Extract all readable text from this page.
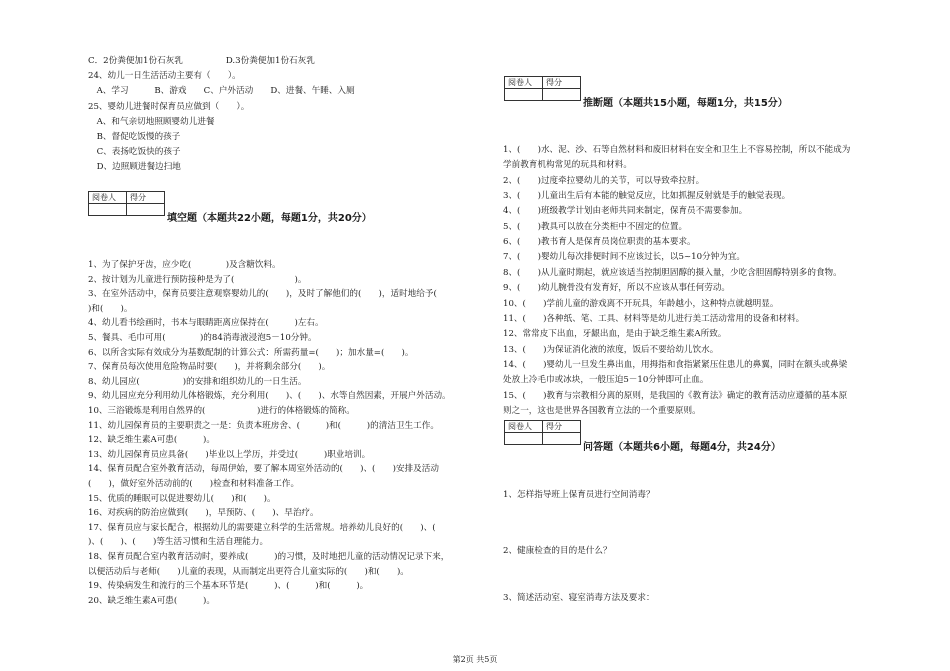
C．2份粪便加1份石灰乳　　　　　D.3份粪便加1份石灰乳
24、幼儿一日生活活动主要有（　　）。
　A、学习　　　B、游戏　　C、户外活动　　D、进餐、午睡、入厕
25、婴幼儿进餐时保育员应做到（　　）。
　A、和气亲切地照顾婴幼儿进餐
　B、督促吃饭慢的孩子
　C、表扬吃饭快的孩子
　D、边照顾进餐边扫地
阅卷人	得分

填空题（本题共22小题，每题1分，共20分）
1、为了保护牙齿，应少吃(　　　　)及含糖饮料。
2、按计划为儿童进行预防接种是为了(　　　　　　　)。
3、在室外活动中，保育员要注意观察婴幼儿的(　　)，及时了解他们的(　　)，适时地给予(
)和(　　)。
4、幼儿看书绘画时，书本与眼睛距离应保持在(　　　)左右。
5、餐具、毛巾可用(　　　　)的84消毒液浸泡5－10分钟。
6、以所含实际有效成分为基数配制的计算公式：所需药量=(　　)；加水量=(　　)。
7、保育员每次使用危险物品时要(　　)，并将剩余部分(　　)。
8、幼儿园应(　　　　　)的安排和组织幼儿的一日生活。
9、幼儿园应充分利用幼儿体格锻炼，充分利用(　　)、(　　)、水等自然因素，开展户外活动。
10、三浴锻炼是利用自然界的(　　　　　　)进行的体格锻炼的简称。
11、幼儿园保育员的主要职责之一是：负责本班房舍、(　　　)和(　　　)的清洁卫生工作。
12、缺乏维生素A可患(　　　)。
13、幼儿园保育员应具备(　　)毕业以上学历，并受过(　　　)职业培训。
14、保育员配合室外教育活动，每周伊始，要了解本周室外活动的(　　)、(　　)安排及活动
(　　)，做好室外活动前的(　　)检查和材料准备工作。
15、优质的睡眠可以促进婴幼儿(　　)和(　　)。
16、对疾病的防治应做到(　　)，早预防、(　　)、早治疗。
17、保育员应与家长配合，根据幼儿的需要建立科学的生活常规。培养幼儿良好的(　　)、(
)、(　　)、(　　)等生活习惯和生活自理能力。
18、保育员配合室内教育活动时，要养成(　　　)的习惯，及时地把儿童的活动情况记录下来，
以便活动后与老师(　　)儿童的表现，从而制定出更符合儿童实际的(　　)和(　　)。
19、传染病发生和流行的三个基本环节是(　　　)、(　　　)和(　　　)。
20、缺乏维生素A可患(　　　)。
阅卷人	得分

推断题（本题共15小题，每题1分，共15分）
1、(　　)水、泥、沙、石等自然材料和废旧材料在安全和卫生上不容易控制，所以不能成为
学前教育机构常见的玩具和材料。
2、(　　)过度牵拉婴幼儿的关节，可以导致牵拉肘。
3、(　　)儿童出生后有本能的触觉反应，比如抓握反射就是手的触觉表现。
4、(　　)班级教学计划由老师共同来制定，保育员不需要参加。
5、(　　)教具可以放在分类柜中不固定的位置。
6、(　　)教书育人是保育员岗位职责的基本要求。
7、(　　)婴幼儿每次排便时间不应该过长，以5~10分钟为宜。
8、(　　)从儿童时期起，就应该适当控制胆固醇的摄入量，少吃含胆固醇特别多的食物。
9、(　　)幼儿腕骨没有发育好，所以不应该从事任何劳动。
10、(　　)学前儿童的游戏离不开玩具，年龄越小，这种特点就越明显。
11、(　　)各种纸、笔、工具、材料等是幼儿进行美工活动常用的设备和材料。
12、常常皮下出血，牙龈出血，是由于缺乏维生素A所致。
13、(　　)为保证消化液的浓度，饭后不要给幼儿饮水。
14、(　　)婴幼儿一旦发生鼻出血，用拇指和食指紧紧压住患儿的鼻翼，同时在额头或鼻梁
处放上冷毛巾或冰块，一般压迫5－10分钟即可止血。
15、(　　)教育与宗教相分离的原则，是我国的《教育法》确定的教育活动应遵循的基本原
则之一，这也是世界各国教育立法的一个重要原则。
阅卷人	得分

问答题（本题共6小题，每题4分，共24分）
1、怎样指导班上保育员进行空间消毒？
2、健康检查的目的是什么？
3、简述活动室、寝室消毒方法及要求：
第2页 共5页
